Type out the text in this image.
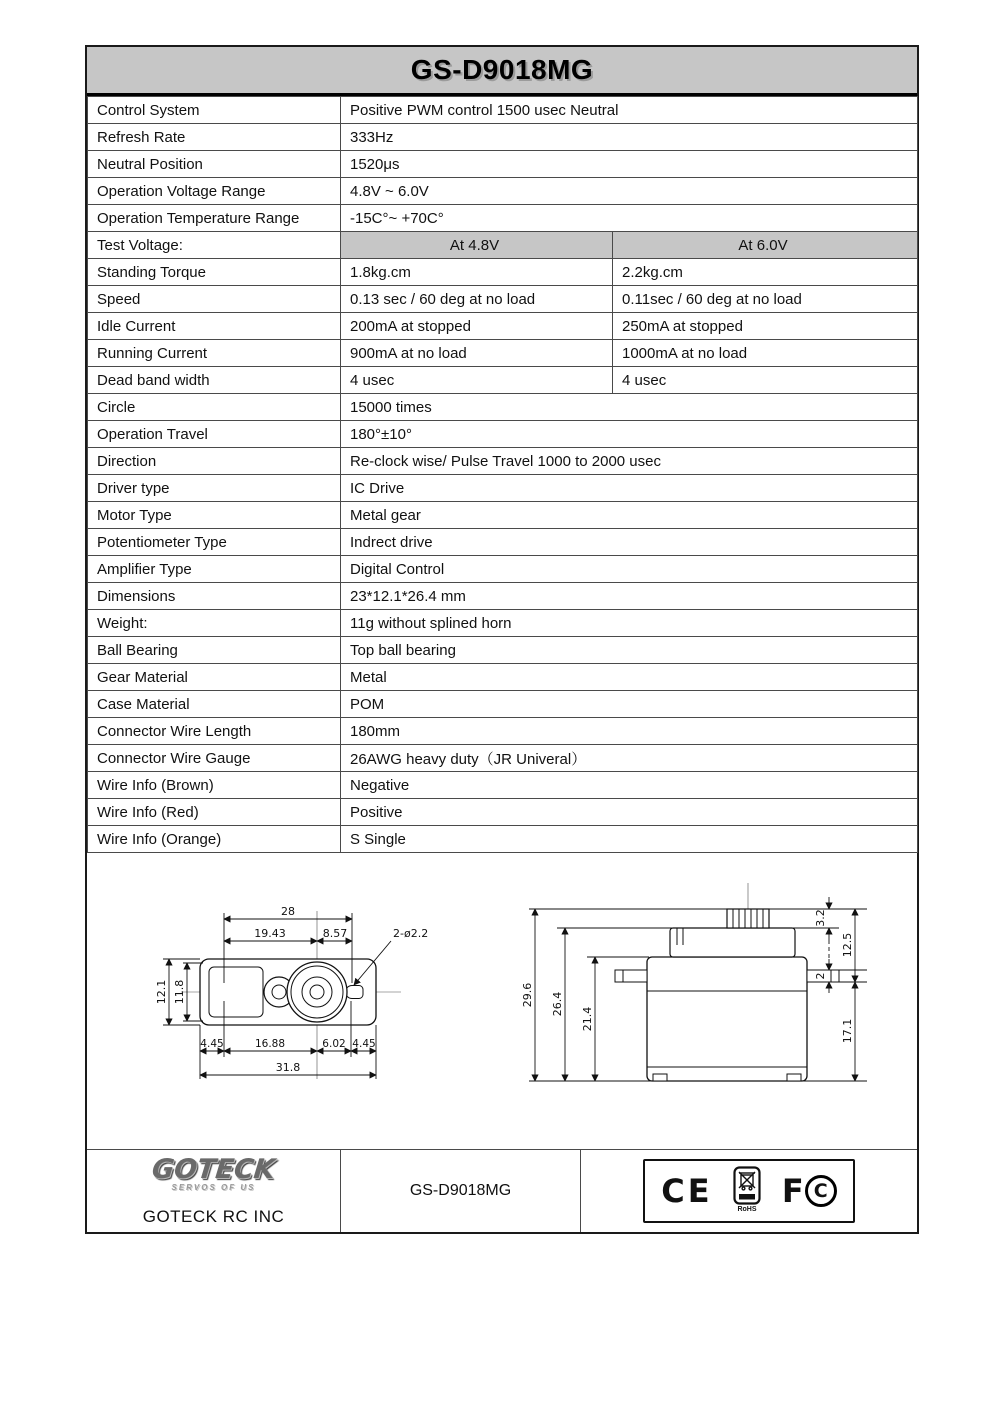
GS-D9018MG
Control System	Positive PWM control 1500 usec Neutral	
Refresh Rate	333Hz	
Neutral Position	1520μs	
Operation Voltage Range	4.8V ~ 6.0V	
Operation Temperature Range	-15C°~ +70C°	
Test Voltage:	At 4.8V	At 6.0V
Standing Torque	1.8kg.cm	2.2kg.cm
Speed	0.13 sec / 60 deg at no load	0.11sec / 60 deg at no load
Idle Current	200mA at stopped	250mA at stopped
Running Current	900mA at no load	1000mA at no load
Dead band width	4 usec	4 usec
Circle	15000 times	
Operation Travel	180°±10°	
Direction	Re-clock wise/ Pulse Travel 1000 to 2000 usec	
Driver type	IC Drive	
Motor Type	Metal gear	
Potentiometer Type	Indrect drive	
Amplifier Type	Digital Control	
Dimensions	23*12.1*26.4 mm	
Weight:	11g without splined horn	
Ball Bearing	Top ball bearing	
Gear Material	Metal	
Case Material	POM	
Connector Wire Length	180mm	
Connector Wire Gauge	26AWG heavy duty（JR Univeral）	
Wire Info (Brown)	Negative	
Wire Info (Red)	Positive	
Wire Info (Orange)	S Single	
28
19.43	8.57	2-ø2.2
12.1 11.8
4.45	16.88	6.02 4.45
31.8
29.6 26.4
21.4
3.2
12.5
2
17.1
GOTECK
SERVOS OF US
GOTECK RC INC
GS-D9018MG	CE	RoHS F C
